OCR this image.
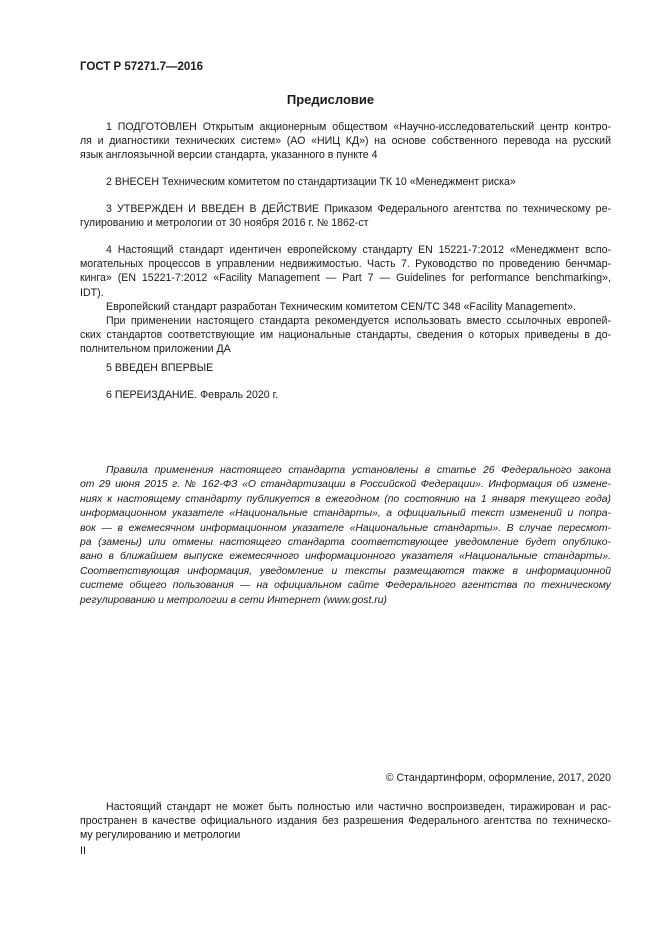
ГОСТ Р 57271.7—2016
Предисловие
1 ПОДГОТОВЛЕН Открытым акционерным обществом «Научно-исследовательский центр контро-
ля и диагностики технических систем» (АО «НИЦ КД») на основе собственного перевода на русский
язык англоязычной версии стандарта, указанного в пункте 4
2 ВНЕСЕН Техническим комитетом по стандартизации ТК 10 «Менеджмент риска»
3 УТВЕРЖДЕН И ВВЕДЕН В ДЕЙСТВИЕ Приказом Федерального агентства по техническому ре-
гулированию и метрологии от 30 ноября 2016 г. № 1862-ст
4 Настоящий стандарт идентичен европейскому стандарту EN 15221-7:2012 «Менеджмент вспо-
могательных процессов в управлении недвижимостью. Часть 7. Руководство по проведению бенчмар-
кинга» (EN 15221-7:2012 «Facility Management — Part 7 — Guidelines for performance benchmarking»,
IDT).
Европейский стандарт разработан Техническим комитетом CEN/TC 348 «Facility Management».
При применении настоящего стандарта рекомендуется использовать вместо ссылочных европей-
ских стандартов соответствующие им национальные стандарты, сведения о которых приведены в до-
полнительном приложении ДА
5 ВВЕДЕН ВПЕРВЫЕ
6 ПЕРЕИЗДАНИЕ. Февраль 2020 г.
Правила применения настоящего стандарта установлены в статье 26 Федерального закона
от 29 июня 2015 г. № 162-ФЗ «О стандартизации в Российской Федерации». Информация об измене-
ниях к настоящему стандарту публикуется в ежегодном (по состоянию на 1 января текущего года)
информационном указателе «Национальные стандарты», а официальный текст изменений и попра-
вок — в ежемесячном информационном указателе «Национальные стандарты». В случае пересмот-
ра (замены) или отмены настоящего стандарта соответствующее уведомление будет опублико-
вано в ближайшем выпуске ежемесячного информационного указателя «Национальные стандарты».
Соответствующая информация, уведомление и тексты размещаются также в информационной
системе общего пользования — на официальном сайте Федерального агентства по техническому
регулированию и метрологии в сети Интернет (www.gost.ru)
© Стандартинформ, оформление, 2017, 2020
Настоящий стандарт не может быть полностью или частично воспроизведен, тиражирован и рас-
пространен в качестве официального издания без разрешения Федерального агентства по техническо-
му регулированию и метрологии
II
